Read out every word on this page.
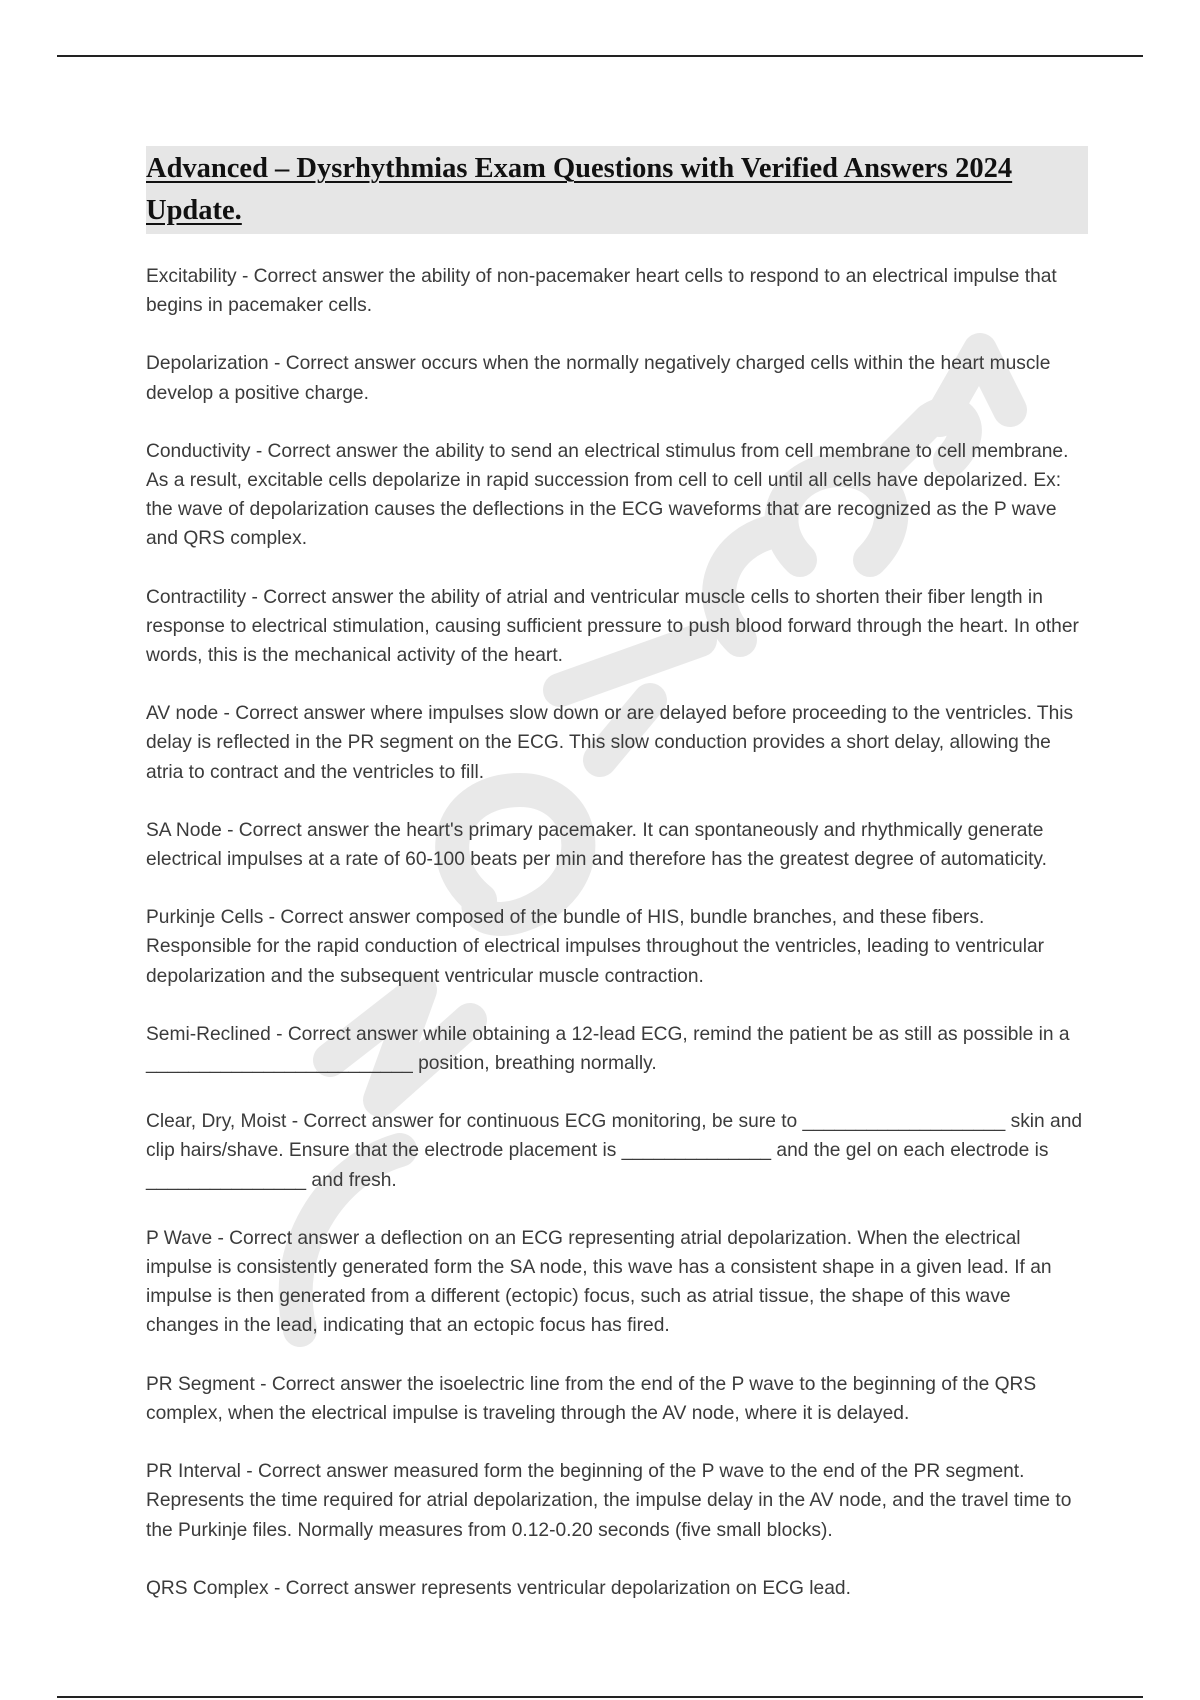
Advanced – Dysrhythmias Exam Questions with Verified Answers 2024 Update.

Excitability - Correct answer the ability of non-pacemaker heart cells to respond to an electrical impulse that begins in pacemaker cells.

Depolarization - Correct answer occurs when the normally negatively charged cells within the heart muscle develop a positive charge.

Conductivity - Correct answer the ability to send an electrical stimulus from cell membrane to cell membrane. As a result, excitable cells depolarize in rapid succession from cell to cell until all cells have depolarized. Ex: the wave of depolarization causes the deflections in the ECG waveforms that are recognized as the P wave and QRS complex.

Contractility - Correct answer the ability of atrial and ventricular muscle cells to shorten their fiber length in response to electrical stimulation, causing sufficient pressure to push blood forward through the heart. In other words, this is the mechanical activity of the heart.

AV node - Correct answer where impulses slow down or are delayed before proceeding to the ventricles. This delay is reflected in the PR segment on the ECG. This slow conduction provides a short delay, allowing the atria to contract and the ventricles to fill.

SA Node - Correct answer the heart's primary pacemaker. It can spontaneously and rhythmically generate electrical impulses at a rate of 60-100 beats per min and therefore has the greatest degree of automaticity.

Purkinje Cells - Correct answer composed of the bundle of HIS, bundle branches, and these fibers. Responsible for the rapid conduction of electrical impulses throughout the ventricles, leading to ventricular depolarization and the subsequent ventricular muscle contraction.

Semi-Reclined - Correct answer while obtaining a 12-lead ECG, remind the patient be as still as possible in a _________________________ position, breathing normally.

Clear, Dry, Moist - Correct answer for continuous ECG monitoring, be sure to ___________________ skin and clip hairs/shave. Ensure that the electrode placement is ______________ and the gel on each electrode is _______________ and fresh.

P Wave - Correct answer a deflection on an ECG representing atrial depolarization. When the electrical impulse is consistently generated form the SA node, this wave has a consistent shape in a given lead. If an impulse is then generated from a different (ectopic) focus, such as atrial tissue, the shape of this wave changes in the lead, indicating that an ectopic focus has fired.

PR Segment - Correct answer the isoelectric line from the end of the P wave to the beginning of the QRS complex, when the electrical impulse is traveling through the AV node, where it is delayed.

PR Interval - Correct answer measured form the beginning of the P wave to the end of the PR segment. Represents the time required for atrial depolarization, the impulse delay in the AV node, and the travel time to the Purkinje files. Normally measures from 0.12-0.20 seconds (five small blocks).

QRS Complex - Correct answer represents ventricular depolarization on ECG lead.
